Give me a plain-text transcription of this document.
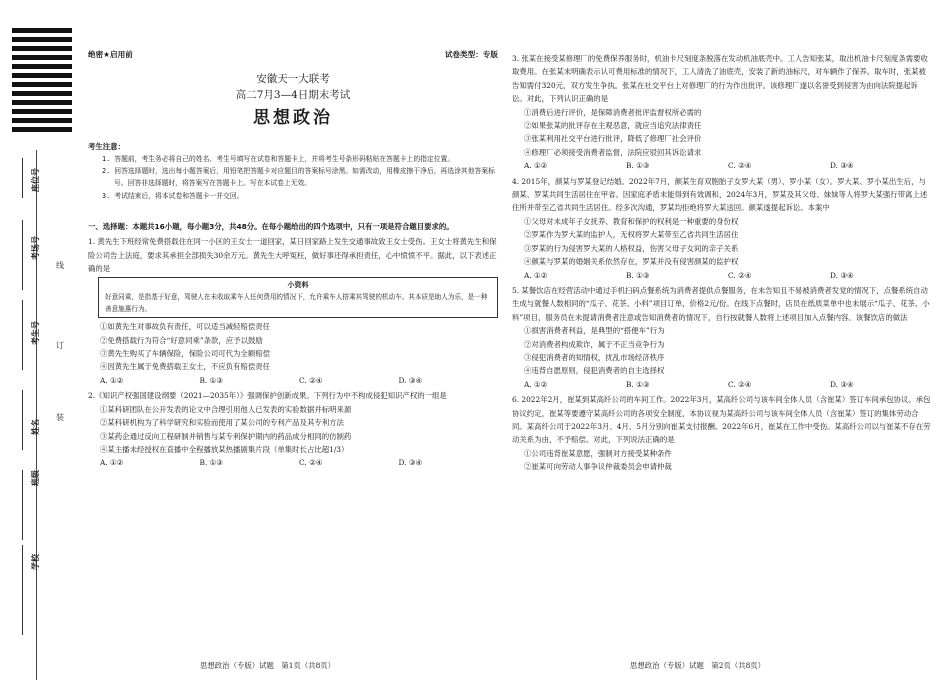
座位号
考场号
考生号
姓名
班级
学校
线
订
装
绝密★启用前	试卷类型：专版
安徽天一大联考
高二7月3—4日期末考试
思想政治
考生注意：
1. 答题前，考生务必将自己的姓名、考生号填写在试卷和答题卡上，并将考生号条形码粘贴在答题卡上的指定位置。
2. 回答选择题时，选出每小题答案后，用铅笔把答题卡对应题目的答案标号涂黑。如需改动，用橡皮擦干净后，再选涂其他答案标号。回答非选择题时，将答案写在答题卡上。写在本试卷上无效。
3. 考试结束后，将本试卷和答题卡一并交回。
一、选择题：本题共16小题，每小题3分，共48分。在每小题给出的四个选项中，只有一项是符合题目要求的。

1. 黄先生下班经常免费搭载住在同一小区的王女士一道回家，某日回家路上发生交通事故致王女士受伤。王女士将黄先生和保险公司告上法庭，要求其承担全部损失30余万元。黄先生大呼冤枉，做好事还得承担责任，心中愤愤不平。据此，以下表述正确的是

小资料
好意同乘，是指基于好意，驾驶人在未收取乘车人任何费用的情况下，允许乘车人搭乘其驾驶的机动车。其本质是助人为乐，是一种善意施惠行为。
①如黄先生对事故负有责任，可以适当减轻赔偿责任
②免费搭载行为符合“好意同乘”条款，应予以鼓励
③黄先生购买了车辆保险，保险公司可代为全额赔偿
④因黄先生属于免费搭载王女士，不应负有赔偿责任
A. ①②	B. ①③	C. ②④	D. ③④

2.《知识产权强国建设纲要（2021—2035年）》强调保护创新成果。下列行为中不构成侵犯知识产权的一组是

①某科研团队在公开发表的论文中合理引用他人已发表的实验数据并标明来源
②某科研机构为了科学研究和实验而使用了某公司的专利产品及其专利方法
③某药企通过反向工程研制并销售与某专利保护期内的药品成分相同的仿制药
④某主播未经授权在直播中全程播放某热播剧集片段（单集时长占比超1/3）
A. ①②	B. ①③	C. ②④	D. ③④

3. 张某在接受某修理厂的免费保养服务时，机油卡尺刻度条脱落在发动机油底壳中。工人告知张某，取出机油卡尺刻度条需要收取费用。在张某未明确表示认可费用标准的情况下，工人清洗了油底壳，安装了新的油标尺，对车辆作了保养。取车时，张某被告知需付320元，双方发生争执。张某在社交平台上对修理厂的行为作出批评。该修理厂遂以名誉受到侵害为由向法院提起诉讼。对此，下列认识正确的是

①消费后进行评价，是保障消费者批评监督权所必需的
②如果张某的批评存在主观恶意，就应当追究法律责任
③张某利用社交平台进行批评，降低了修理厂社会评价
④修理厂必须接受消费者监督，法院应驳回其诉讼请求
A. ①②	B. ①③	C. ②④	D. ③④

4. 2015年，颜某与罗某登记结婚。2022年7月，颜某生育双胞胎子女罗大某（男）、罗小某（女）。罗大某、罗小某出生后，与颜某、罗某共同生活居住在甲省。因家庭矛盾未能得到有效调和，2024年3月，罗某及其父母、妹妹等人将罗大某强行带离上述住所并带至乙省共同生活居住。经多次沟通，罗某均拒绝将罗大某送回。颜某遂提起诉讼。本案中

①父母对未成年子女抚养、教育和保护的权利是一种重要的身份权
②罗某作为罗大某的监护人，无权将罗大某带至乙省共同生活居住
③罗某的行为侵害罗大某的人格权益，伤害父母子女间的亲子关系
④颜某与罗某的婚姻关系依然存在，罗某并没有侵害颜某的监护权
A. ①②	B. ①③	C. ②④	D. ③④

5. 某餐饮店在经营活动中通过手机扫码点餐系统为消费者提供点餐服务，在未告知且不易被消费者发觉的情况下，点餐系统自动生成与就餐人数相同的“瓜子、花茶、小料”项目订单，价格2元/份。在线下点餐时，店员在纸质菜单中也未展示“瓜子、花茶、小料”项目，服务员在未提请消费者注意或告知消费者的情况下，自行按就餐人数将上述项目加入点餐内容。该餐饮店的做法

①损害消费者利益，是典型的“搭便车”行为
②对消费者构成欺诈，属于不正当竞争行为
③侵犯消费者的知情权，扰乱市场经济秩序
④违背自愿原则，侵犯消费者的自主选择权
A. ①②	B. ①③	C. ②④	D. ③④

6. 2022年2月，崔某到某高纤公司的车间工作。2022年3月，某高纤公司与该车间全体人员（含崔某）签订车间承包协议。承包协议约定，崔某等要遵守某高纤公司的各项安全制度，本协议视为某高纤公司与该车间全体人员（含崔某）签订的集体劳动合同。某高纤公司于2022年3月、4月、5月分别向崔某支付报酬。2022年6月，崔某在工作中受伤。某高纤公司以与崔某不存在劳动关系为由，不予赔偿。对此，下列说法正确的是

①公司违背崔某意愿，强制对方接受某种条件
②崔某可向劳动人事争议仲裁委员会申请仲裁
思想政治（专版）试题　第1页（共8页）	思想政治（专版）试题　第2页（共8页）
